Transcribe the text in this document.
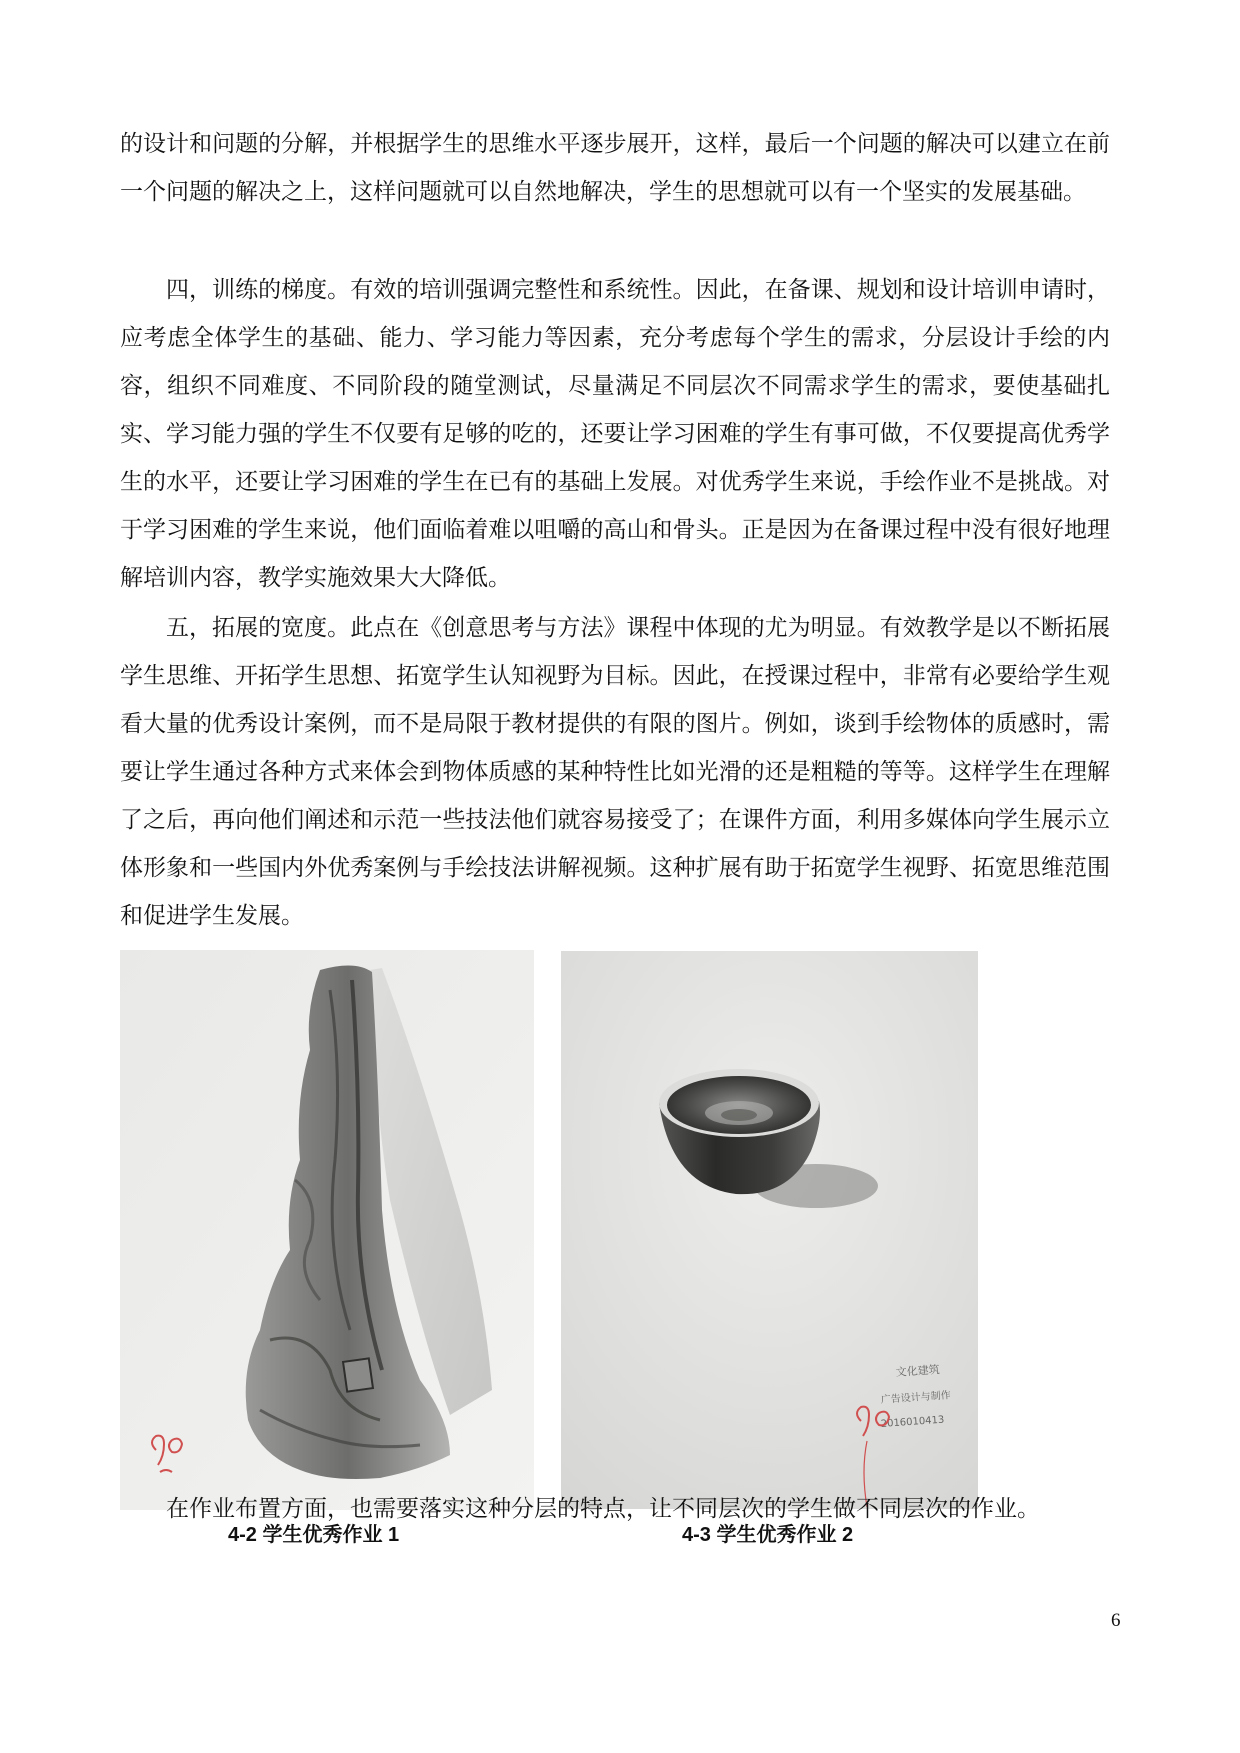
的设计和问题的分解，并根据学生的思维水平逐步展开，这样，最后一个问题的解决可以建立在前一个问题的解决之上，这样问题就可以自然地解决，学生的思想就可以有一个坚实的发展基础。

四，训练的梯度。有效的培训强调完整性和系统性。因此，在备课、规划和设计培训申请时，应考虑全体学生的基础、能力、学习能力等因素，充分考虑每个学生的需求，分层设计手绘的内容，组织不同难度、不同阶段的随堂测试，尽量满足不同层次不同需求学生的需求，要使基础扎实、学习能力强的学生不仅要有足够的吃的，还要让学习困难的学生有事可做，不仅要提高优秀学生的水平，还要让学习困难的学生在已有的基础上发展。对优秀学生来说，手绘作业不是挑战。对于学习困难的学生来说，他们面临着难以咀嚼的高山和骨头。正是因为在备课过程中没有很好地理解培训内容，教学实施效果大大降低。

五，拓展的宽度。此点在《创意思考与方法》课程中体现的尤为明显。有效教学是以不断拓展学生思维、开拓学生思想、拓宽学生认知视野为目标。因此，在授课过程中，非常有必要给学生观看大量的优秀设计案例，而不是局限于教材提供的有限的图片。例如，谈到手绘物体的质感时，需要让学生通过各种方式来体会到物体质感的某种特性比如光滑的还是粗糙的等等。这样学生在理解了之后，再向他们阐述和示范一些技法他们就容易接受了；在课件方面，利用多媒体向学生展示立体形象和一些国内外优秀案例与手绘技法讲解视频。这种扩展有助于拓宽学生视野、拓宽思维范围和促进学生发展。

文化建筑
广告设计与制作
2016010413
4-2 学生优秀作业 1	4-3 学生优秀作业 2

在作业布置方面，也需要落实这种分层的特点，让不同层次的学生做不同层次的作业。

6
